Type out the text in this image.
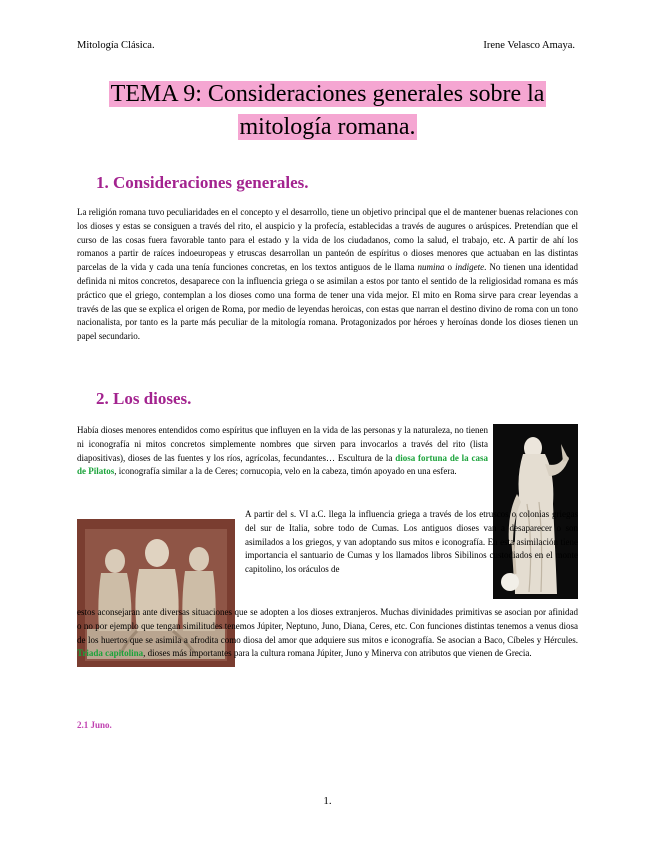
Mitología Clásica.	Irene Velasco Amaya.
TEMA 9: Consideraciones generales sobre la
mitología romana.
1. Consideraciones generales.

La religión romana tuvo peculiaridades en el concepto y el desarrollo, tiene un objetivo principal que el de mantener buenas relaciones con los dioses y estas se consiguen a través del rito, el auspicio y la profecía, establecidas a través de augures o arúspices. Pretendían que el curso de las cosas fuera favorable tanto para el estado y la vida de los ciudadanos, como la salud, el trabajo, etc. A partir de ahí los romanos a partir de raíces indoeuropeas y etruscas desarrollan un panteón de espíritus o dioses menores que actuaban en las distintas parcelas de la vida y cada una tenía funciones concretas, en los textos antiguos de le llama numina o indigete. No tienen una identidad definida ni mitos concretos, desaparece con la influencia griega o se asimilan a estos por tanto el sentido de la religiosidad romana es más práctico que el griego, contemplan a los dioses como una forma de tener una vida mejor. El mito en Roma sirve para crear leyendas a través de las que se explica el origen de Roma, por medio de leyendas heroicas, con estas que narran el destino divino de roma con un tono nacionalista, por tanto es la parte más peculiar de la mitología romana. Protagonizados por héroes y heroínas donde los dioses tienen un papel secundario.

2. Los dioses.

Había dioses menores entendidos como espíritus que influyen en la vida de las personas y la naturaleza, no tienen ni iconografía ni mitos concretos simplemente nombres que sirven para invocarlos a través del rito (lista diapositivas), dioses de las fuentes y los ríos, agrícolas, fecundantes… Escultura de la diosa fortuna de la casa de Pilatos, iconografía similar a la de Ceres; cornucopia, velo en la cabeza, timón apoyado en una esfera.

A partir del s. VI a.C. llega la influencia griega a través de los etruscos o colonias griegas del sur de Italia, sobre todo de Cumas. Los antiguos dioses van a desaparecer o son asimilados a los griegos, y van adoptando sus mitos e iconografía. En esta asimilación tiene importancia el santuario de Cumas y los llamados libros Sibilinos custodiados en el monte capitolino, los oráculos de

estos aconsejaran ante diversas situaciones que se adopten a los dioses extranjeros. Muchas divinidades primitivas se asocian por afinidad o no por ejemplo que tengan similitudes tenemos Júpiter, Neptuno, Juno, Diana, Ceres, etc. Con funciones distintas tenemos a venus diosa de los huertos que se asimila a afrodita como diosa del amor que adquiere sus mitos e iconografía. Se asocian a Baco, Cíbeles y Hércules. Triada capitolina, dioses más importantes para la cultura romana Júpiter, Juno y Minerva con atributos que vienen de Grecia.

2.1 Juno.
1.
